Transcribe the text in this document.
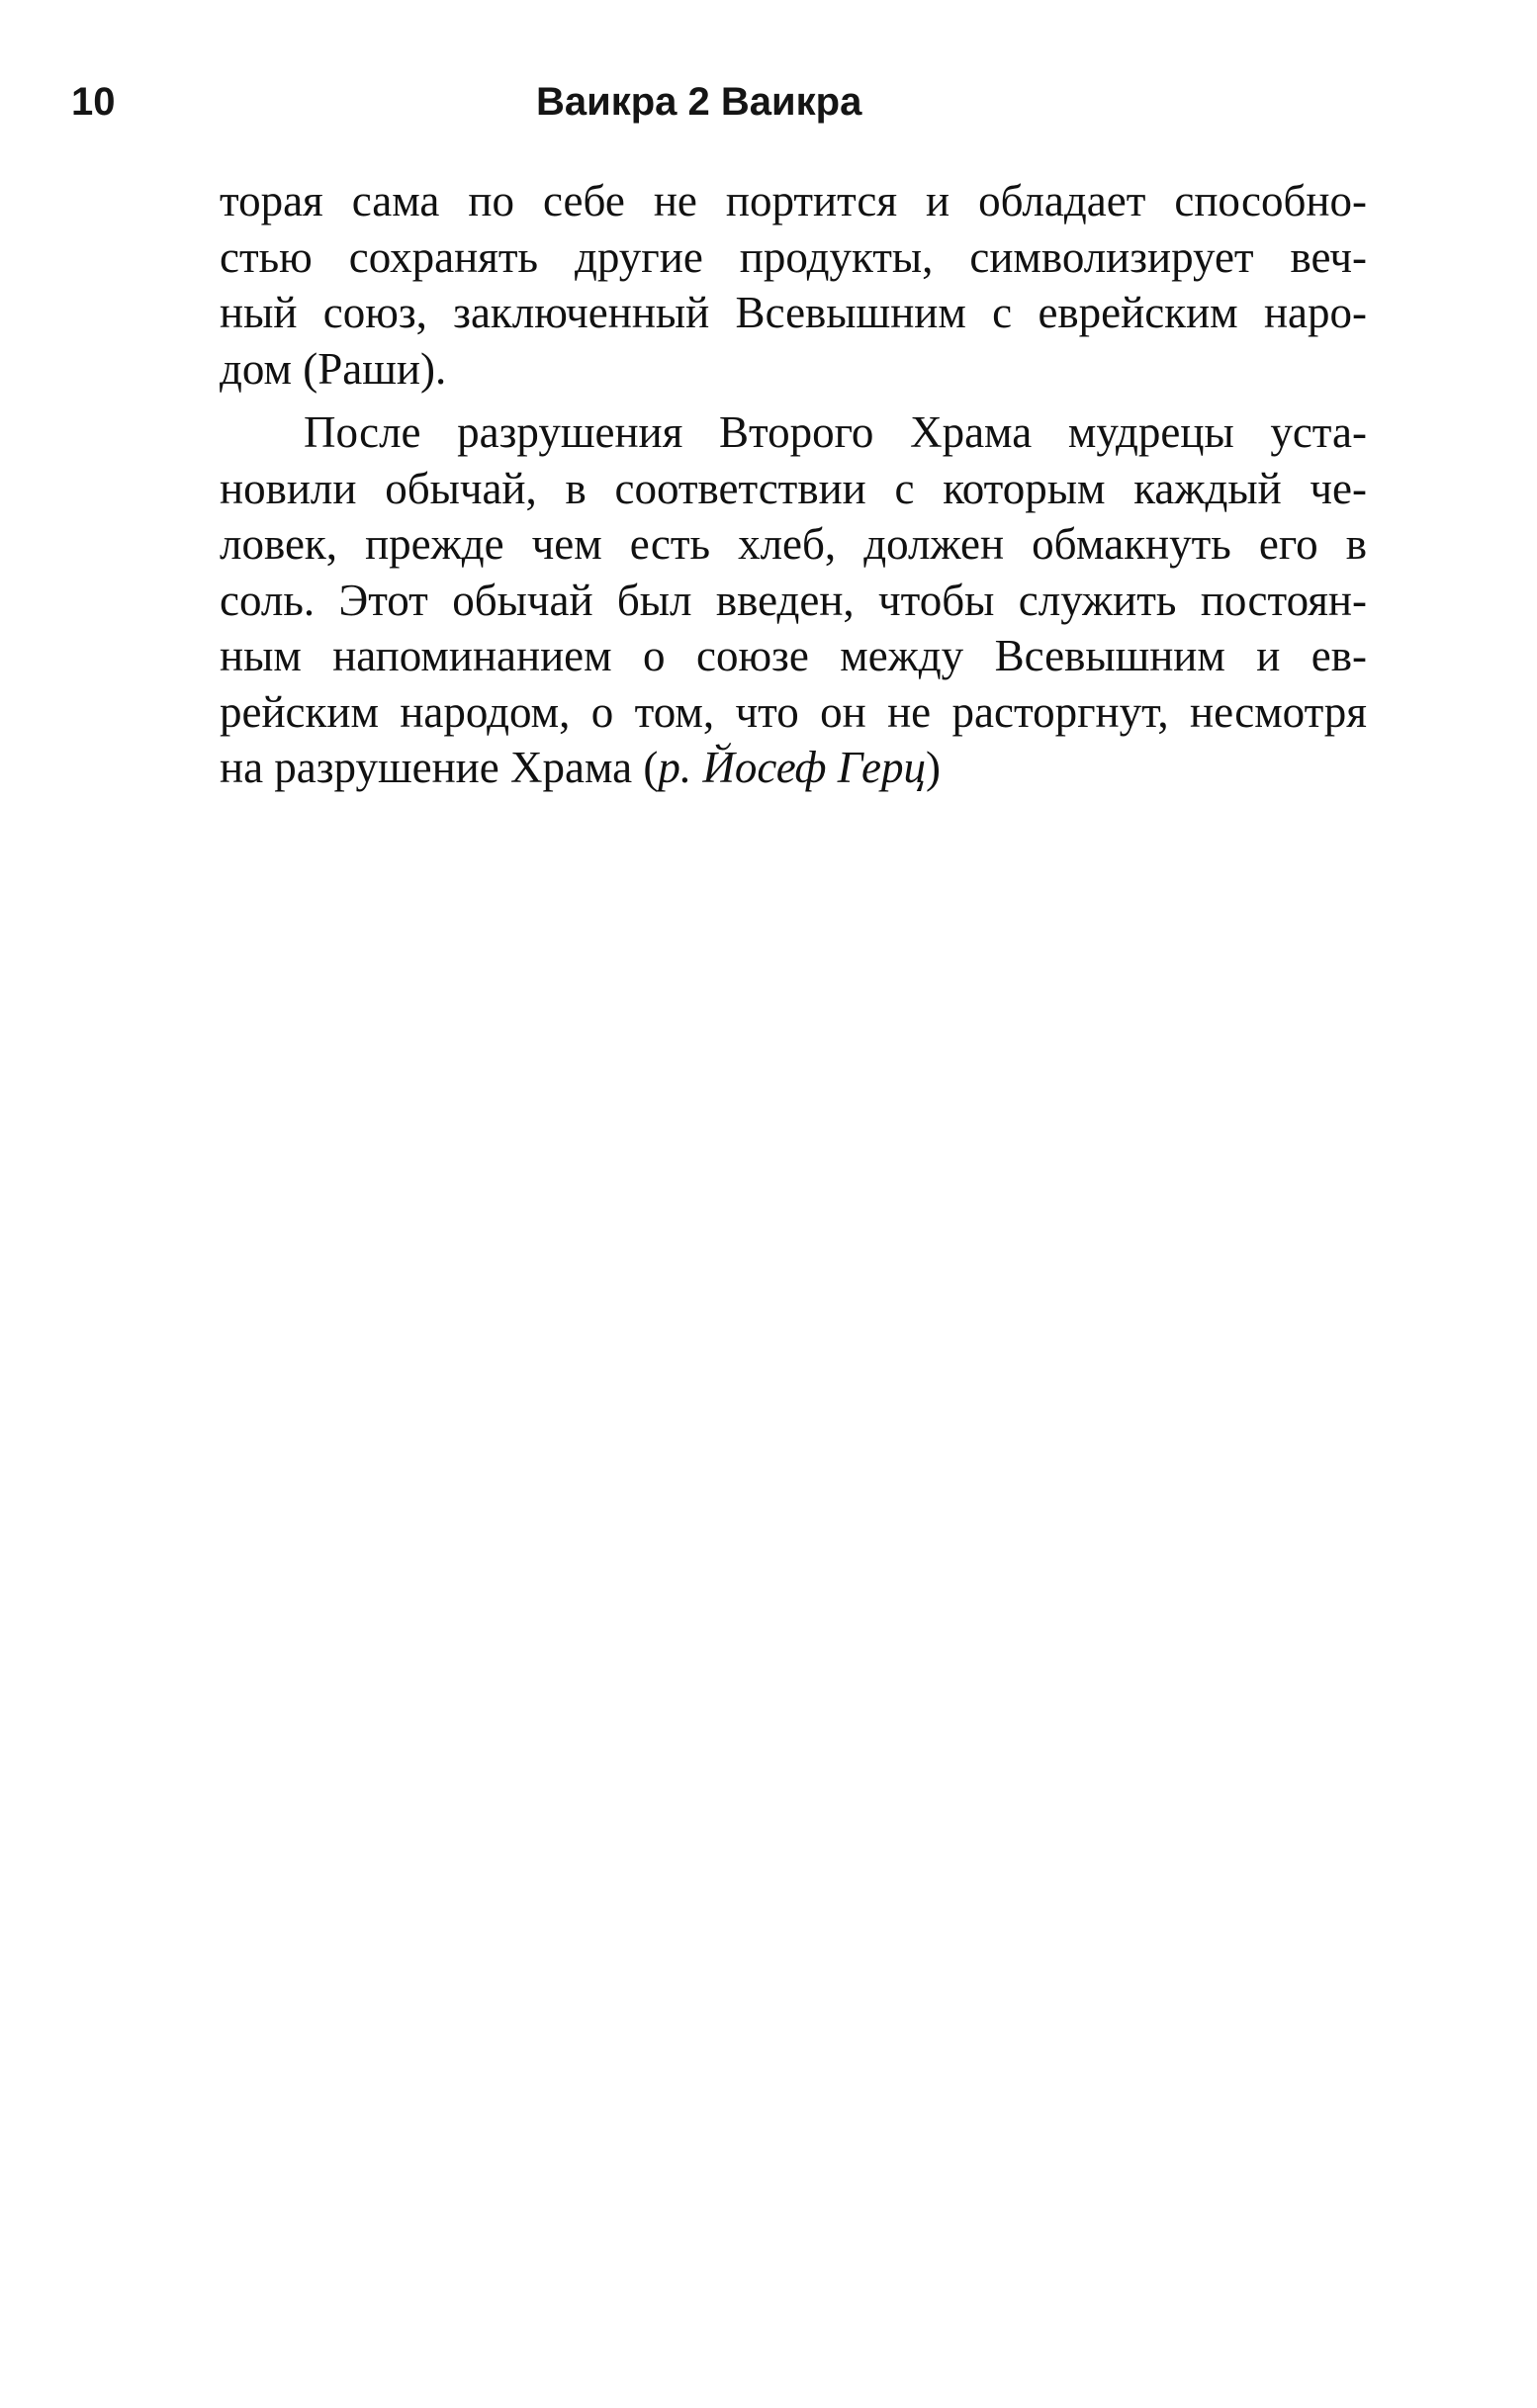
10	Ваикра 2 Ваикра
торая сама по себе не портится и обладает способно-
стью сохранять другие продукты, символизирует веч-
ный союз, заключенный Всевышним с еврейским наро-
дом (Раши).
После разрушения Второго Храма мудрецы уста-
новили обычай, в соответствии с которым каждый че-
ловек, прежде чем есть хлеб, должен обмакнуть его в
соль. Этот обычай был введен, чтобы служить постоян-
ным напоминанием о союзе между Всевышним и ев-
рейским народом, о том, что он не расторгнут, несмотря
на разрушение Храма (р. Йосеф Герц)
